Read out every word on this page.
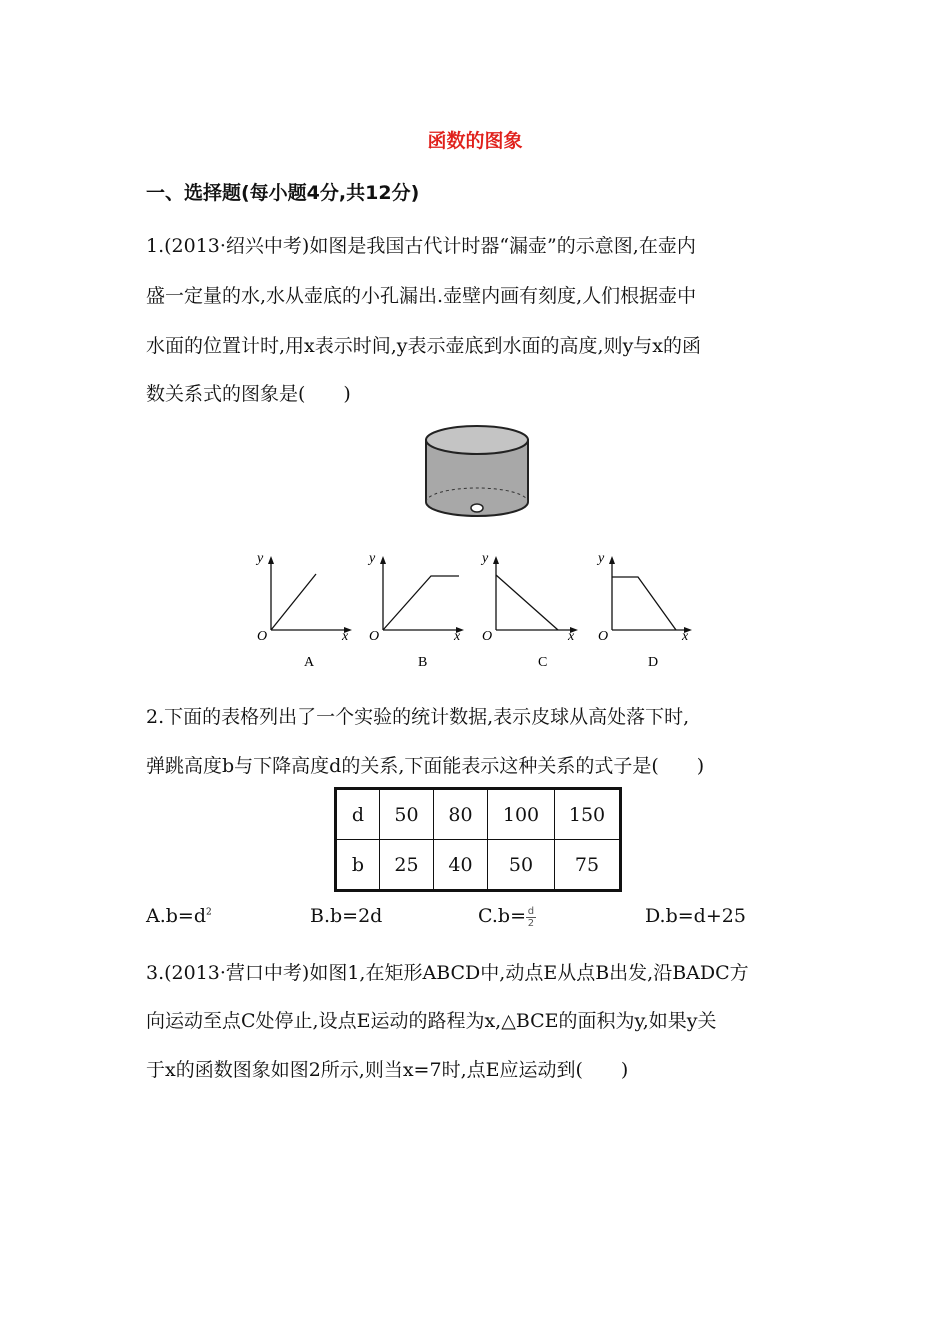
函数的图象
一、选择题(每小题4分,共12分)
1.(2013·绍兴中考)如图是我国古代计时器“漏壶”的示意图,在壶内
盛一定量的水,水从壶底的小孔漏出.壶壁内画有刻度,人们根据壶中
水面的位置计时,用x表示时间,y表示壶底到水面的高度,则y与x的函
数关系式的图象是(　　)
y
x
O
A
y
x
O
B
y
x
O
C
y
x
O
D
2.下面的表格列出了一个实验的统计数据,表示皮球从高处落下时,
弹跳高度b与下降高度d的关系,下面能表示这种关系的式子是(　　)
d	50	80	100	150
b	25	40	50	75
$A.b=d^2$	B.b=2d	$C.b= \frac{d}{2}$	D.b=d+25
3.(2013·营口中考)如图1,在矩形ABCD中,动点E从点B出发,沿BADC方
向运动至点C处停止,设点E运动的路程为x,△BCE的面积为y,如果y关
于x的函数图象如图2所示,则当x=7时,点E应运动到(　　)
